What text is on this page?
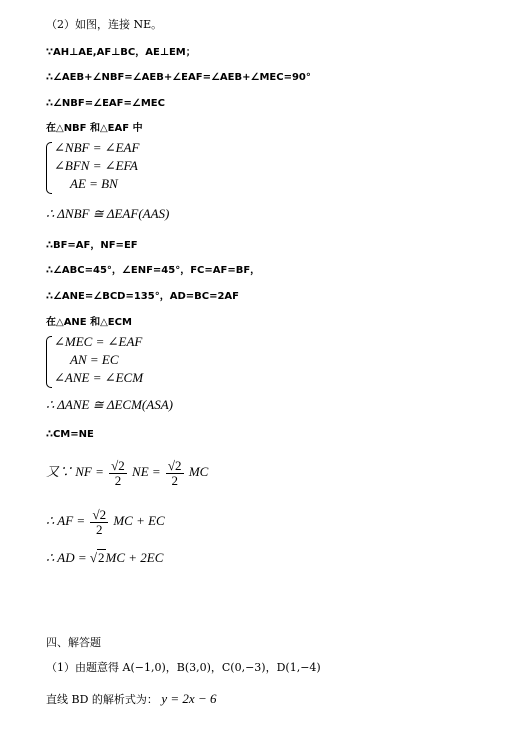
（2）如图，连接 NE。
∵AH⊥AE,AF⊥BC，AE⊥EM；
∴∠AEB+∠NBF=∠AEB+∠EAF=∠AEB+∠MEC=90°
∴∠NBF=∠EAF=∠MEC
在△NBF 和△EAF 中
∠NBF = ∠EAF
∠BFN = ∠EFA
AE = BN
∴ ΔNBF ≅ ΔEAF(AAS)
∴BF=AF，NF=EF
∴∠ABC=45°，∠ENF=45°，FC=AF=BF，
∴∠ANE=∠BCD=135°，AD=BC=2AF
在△ANE 和△ECM
∠MEC = ∠EAF
AN = EC
∠ANE = ∠ECM
∴ ΔANE ≅ ΔECM(ASA)
∴CM=NE
又∵ NF = $\frac{√2}{2}$ NE = $\frac{√2}{2}$ MC
∴ AF = $\frac{√2}{2}$ MC + EC
∴ AD = √2MC + 2EC
四、解答题
（1）由题意得 A(−1,0)，B(3,0)，C(0,−3)，D(1,−4)
直线 BD 的解析式为： y = 2x − 6
